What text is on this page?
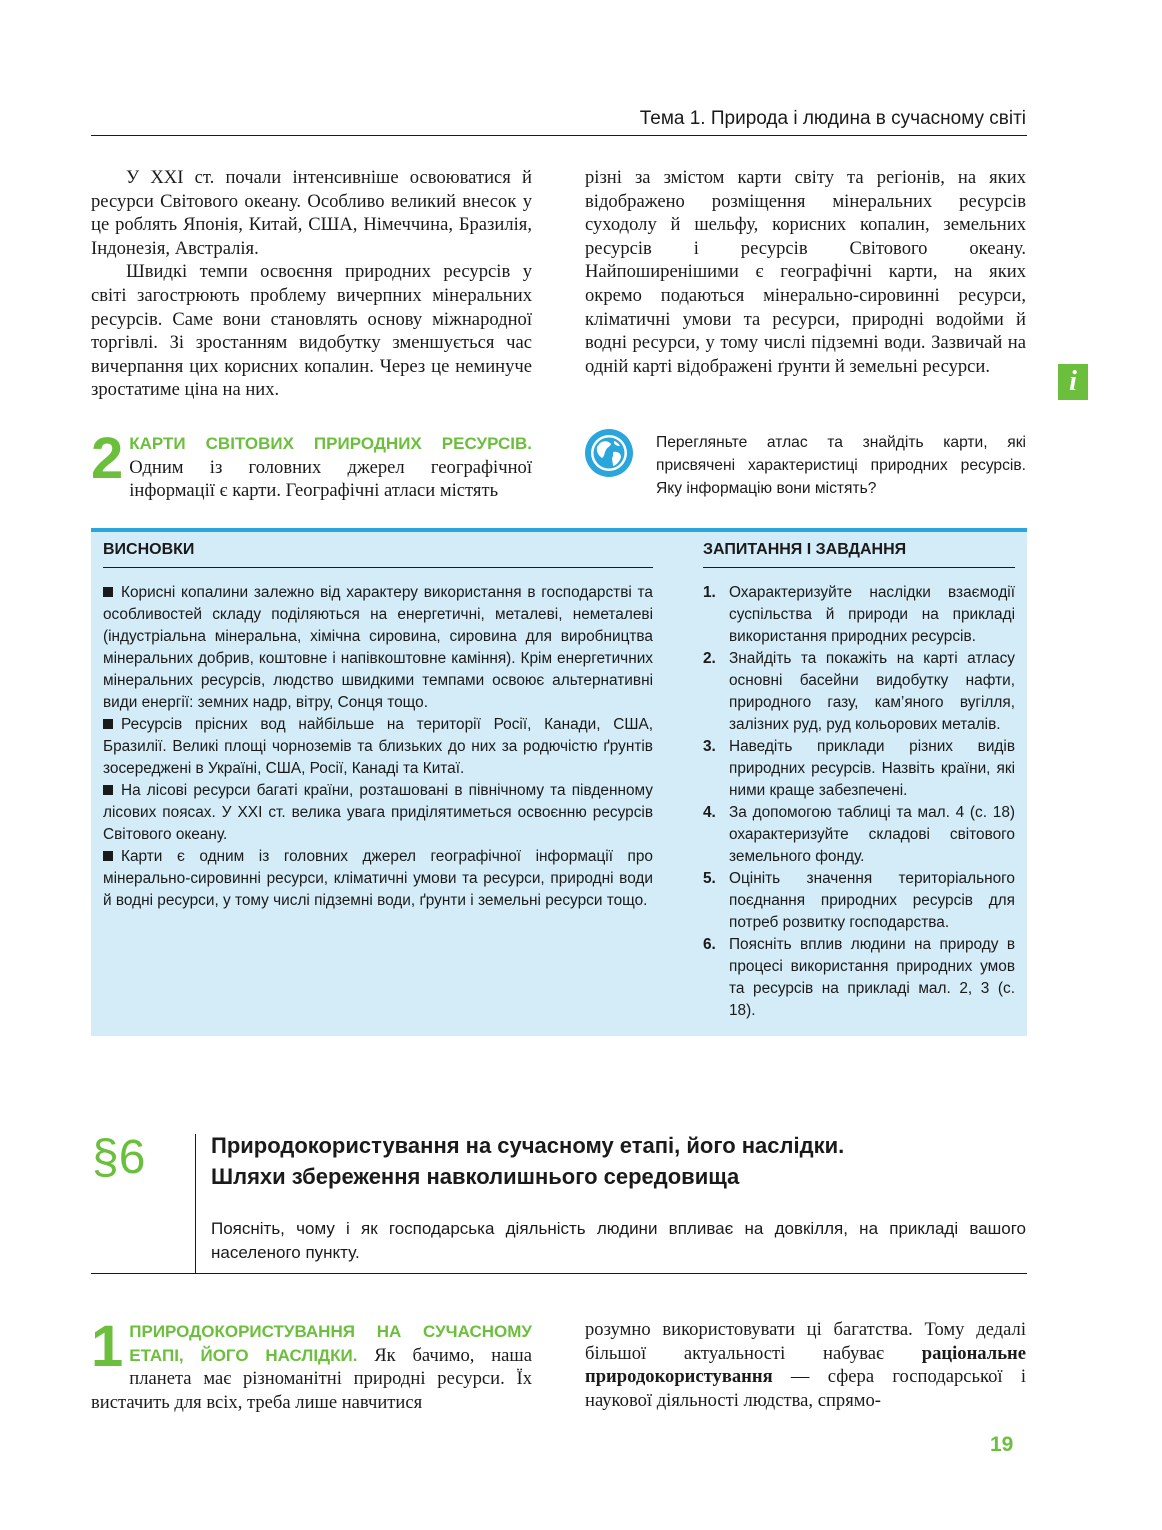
Тема 1. Природа і людина в сучасному світі

У XXI ст. почали інтенсивніше освоюватися й ресурси Світового океану. Особливо великий внесок у це роблять Японія, Китай, США, Німеччина, Бразилія, Індонезія, Австралія.

Швидкі темпи освоєння природних ресурсів у світі загострюють проблему вичерпних мінеральних ресурсів. Саме вони становлять основу міжнародної торгівлі. Зі зростанням видобутку зменшується час вичерпання цих корисних копалин. Через це неминуче зростатиме ціна на них.

2 КАРТИ СВІТОВИХ ПРИРОДНИХ РЕСУРСІВ. Одним із головних джерел географічної інформації є карти. Географічні атласи містять

різні за змістом карти світу та регіонів, на яких відображено розміщення мінеральних ресурсів суходолу й шельфу, корисних копалин, земельних ресурсів і ресурсів Світового океану. Найпоширенішими є географічні карти, на яких окремо подаються мінерально-сировинні ресурси, кліматичні умови та ресурси, природні водойми й водні ресурси, у тому числі підземні води. Зазвичай на одній карті відображені ґрунти й земельні ресурси.	i
Перегляньте атлас та знайдіть карти, які присвячені характеристиці природних ресурсів. Яку інформацію вони містять?
ВИСНОВКИ

Корисні копалини залежно від характеру використання в господарстві та особливостей складу поділяються на енергетичні, металеві, неметалеві (індустріальна мінеральна, хімічна сировина, сировина для виробництва мінеральних добрив, коштовне і напівкоштовне каміння). Крім енергетичних мінеральних ресурсів, людство швидкими темпами освоює альтернативні види енергії: земних надр, вітру, Сонця тощо.

Ресурсів прісних вод найбільше на території Росії, Канади, США, Бразилії. Великі площі чорноземів та близьких до них за родючістю ґрунтів зосереджені в Україні, США, Росії, Канаді та Китаї.

На лісові ресурси багаті країни, розташовані в північному та південному лісових поясах. У XXI ст. велика увага приділятиметься освоєнню ресурсів Світового океану.

Карти є одним із головних джерел географічної інформації про мінерально-сировинні ресурси, кліматичні умови та ресурси, природні води й водні ресурси, у тому числі підземні води, ґрунти і земельні ресурси тощо.

ЗАПИТАННЯ І ЗАВДАННЯ
1. Охарактеризуйте наслідки взаємодії суспільства й природи на прикладі використання природних ресурсів.
2. Знайдіть та покажіть на карті атласу основні басейни видобутку нафти, природного газу, кам’яного вугілля, залізних руд, руд кольорових металів.
3. Наведіть приклади різних видів природних ресурсів. Назвіть країни, які ними краще забезпечені.
4. За допомогою таблиці та мал. 4 (с. 18) охарактеризуйте складові світового земельного фонду.
5. Оцініть значення територіального поєднання природних ресурсів для потреб розвитку господарства.
6. Поясніть вплив людини на природу в процесі використання природних умов та ресурсів на прикладі мал. 2, 3 (с. 18).
§6	Природокористування на сучасному етапі, його наслідки.
Шляхи збереження навколишнього середовища
Поясніть, чому і як господарська діяльність людини впливає на довкілля, на прикладі вашого населеного пункту.

1 ПРИРОДОКОРИСТУВАННЯ НА СУЧАСНОМУ ЕТАПІ, ЙОГО НАСЛІДКИ. Як бачимо, наша планета має різноманітні природні ресурси. Їх вистачить для всіх, треба лише навчитися

розумно використовувати ці багатства. Тому дедалі більшої актуальності набуває раціональне природокористування — сфера господарської і наукової діяльності людства, спрямо-

19
